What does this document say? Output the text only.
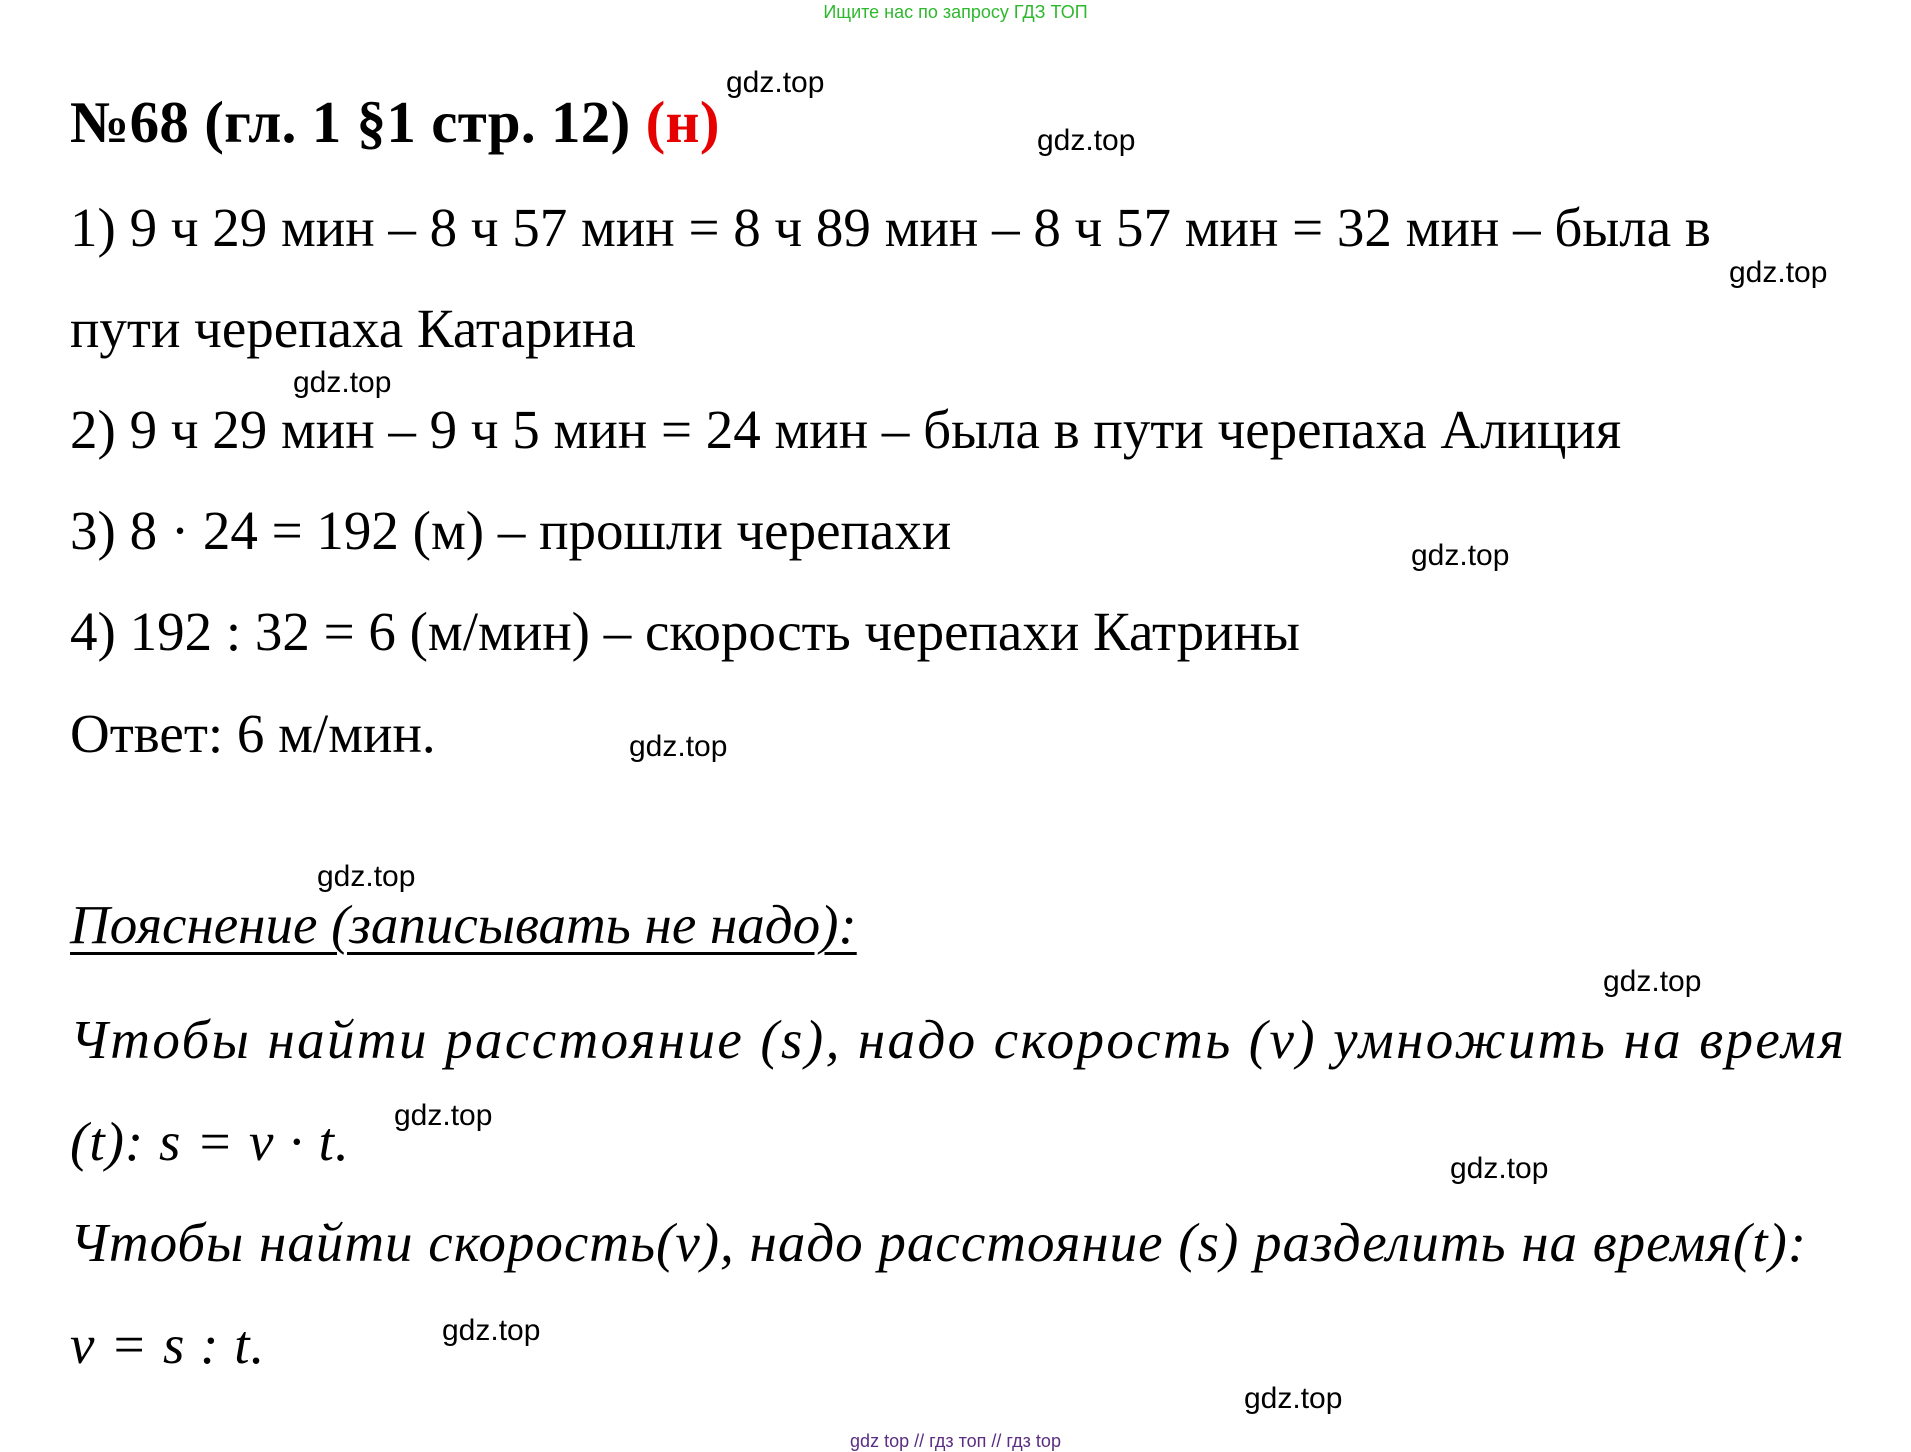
Ищите нас по запросу ГДЗ ТОП
№68 (гл. 1 §1 стр. 12) (н)
1) 9 ч 29 мин – 8 ч 57 мин = 8 ч 89 мин – 8 ч 57 мин = 32 мин – была в
пути черепаха Катарина
2) 9 ч 29 мин – 9 ч 5 мин = 24 мин – была в пути черепаха Алиция
3) 8 · 24 = 192 (м) – прошли черепахи
4) 192 : 32 = 6 (м/мин) – скорость черепахи Катрины
Ответ: 6 м/мин.
Пояснение (записывать не надо):
Чтобы найти расстояние (s), надо скорость (v) умножить на время
(t): s = v · t.
Чтобы найти скорость(v), надо расстояние (s) разделить на время(t):
v = s : t.
gdz.top
gdz.top
gdz.top
gdz.top
gdz.top
gdz.top
gdz.top
gdz.top
gdz.top
gdz.top
gdz.top
gdz.top
gdz top // гдз топ // гдз top
